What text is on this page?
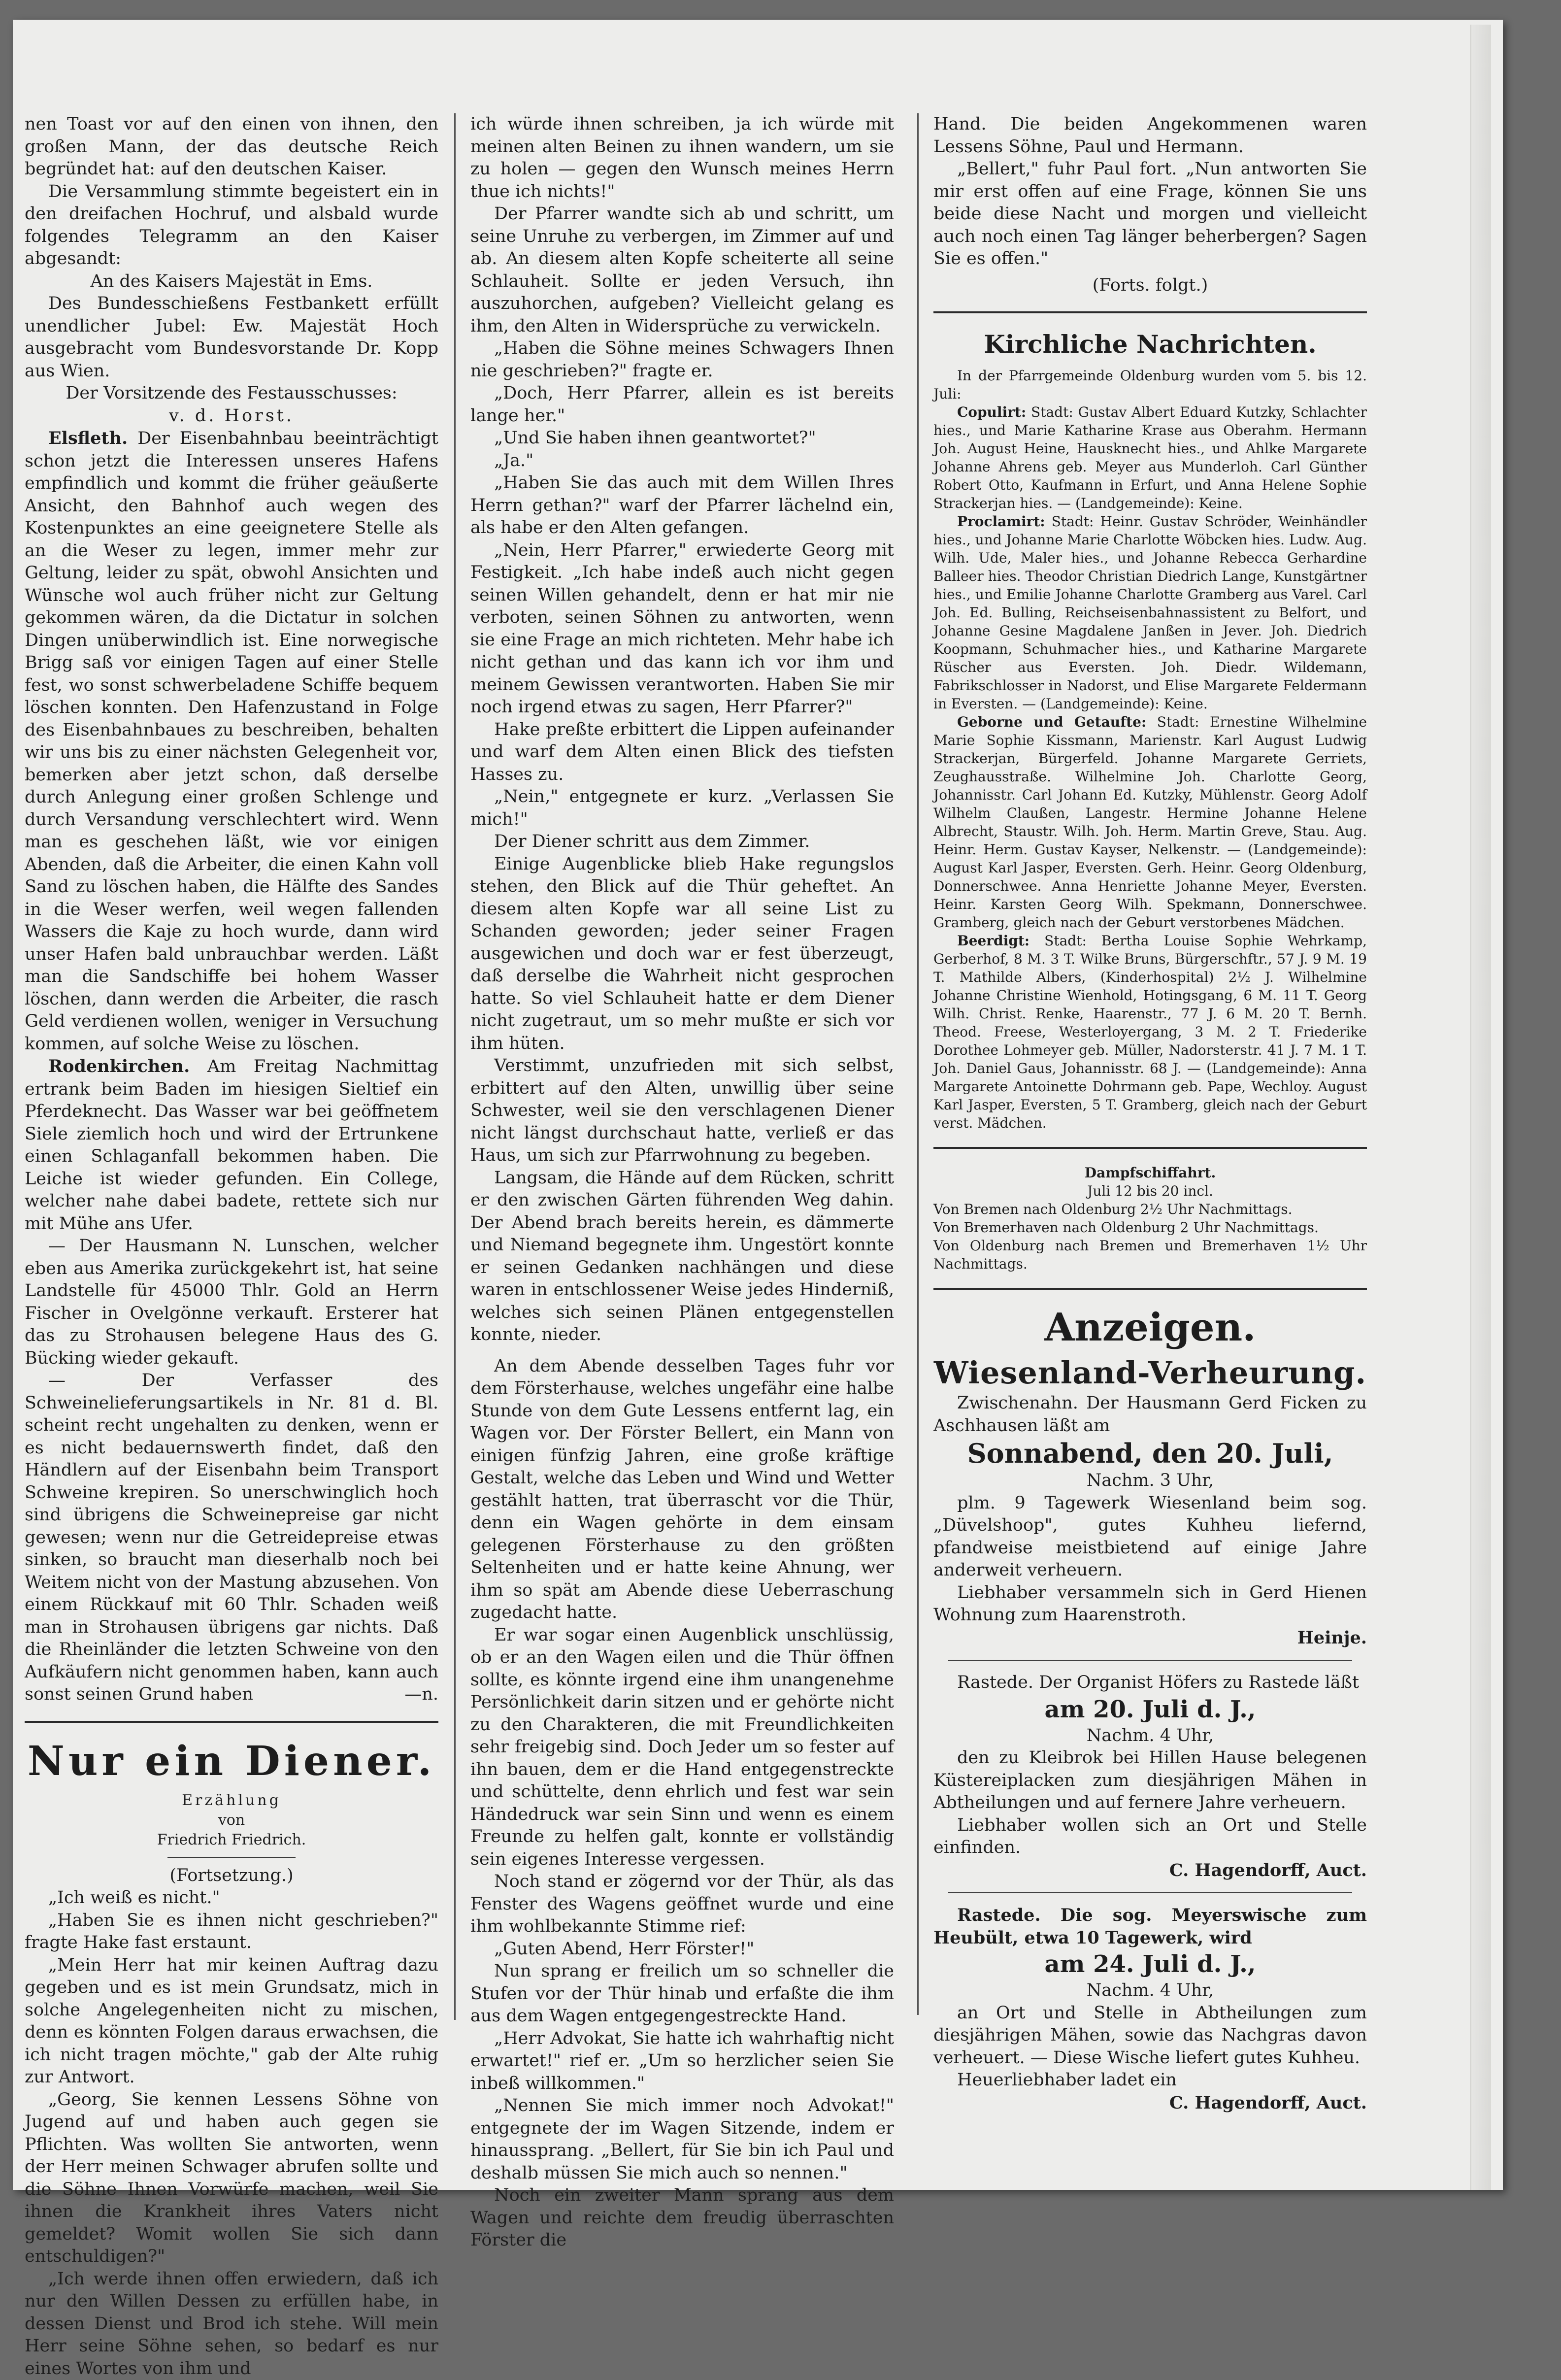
nen Toast vor auf den einen von ihnen, den großen Mann, der das deutsche Reich begründet hat: auf den deutschen Kaiser.

Die Versammlung stimmte begeistert ein in den dreifachen Hochruf, und alsbald wurde folgendes Telegramm an den Kaiser abgesandt:

An des Kaisers Majestät in Ems.

Des Bundesschießens Festbankett erfüllt unendlicher Jubel: Ew. Majestät Hoch ausgebracht vom Bundesvorstande Dr. Kopp aus Wien.

Der Vorsitzende des Festausschusses:

v. d. Horst.

Elsfleth. Der Eisenbahnbau beeinträchtigt schon jetzt die Interessen unseres Hafens empfindlich und kommt die früher geäußerte Ansicht, den Bahnhof auch wegen des Kostenpunktes an eine geeignetere Stelle als an die Weser zu legen, immer mehr zur Geltung, leider zu spät, obwohl Ansichten und Wünsche wol auch früher nicht zur Geltung gekommen wären, da die Dictatur in solchen Dingen unüberwindlich ist. Eine norwegische Brigg saß vor einigen Tagen auf einer Stelle fest, wo sonst schwerbeladene Schiffe bequem löschen konnten. Den Hafenzustand in Folge des Eisenbahnbaues zu beschreiben, behalten wir uns bis zu einer nächsten Gelegenheit vor, bemerken aber jetzt schon, daß derselbe durch Anlegung einer großen Schlenge und durch Versandung verschlechtert wird. Wenn man es geschehen läßt, wie vor einigen Abenden, daß die Arbeiter, die einen Kahn voll Sand zu löschen haben, die Hälfte des Sandes in die Weser werfen, weil wegen fallenden Wassers die Kaje zu hoch wurde, dann wird unser Hafen bald unbrauchbar werden. Läßt man die Sandschiffe bei hohem Wasser löschen, dann werden die Arbeiter, die rasch Geld verdienen wollen, weniger in Versuchung kommen, auf solche Weise zu löschen.

Rodenkirchen. Am Freitag Nachmittag ertrank beim Baden im hiesigen Sieltief ein Pferdeknecht. Das Wasser war bei geöffnetem Siele ziemlich hoch und wird der Ertrunkene einen Schlaganfall bekommen haben. Die Leiche ist wieder gefunden. Ein College, welcher nahe dabei badete, rettete sich nur mit Mühe ans Ufer.

— Der Hausmann N. Lunschen, welcher eben aus Amerika zurückgekehrt ist, hat seine Landstelle für 45000 Thlr. Gold an Herrn Fischer in Ovelgönne verkauft. Ersterer hat das zu Strohausen belegene Haus des G. Bücking wieder gekauft.

— Der Verfasser des Schweinelieferungsartikels in Nr. 81 d. Bl. scheint recht ungehalten zu denken, wenn er es nicht bedauernswerth findet, daß den Händlern auf der Eisenbahn beim Transport Schweine krepiren. So unerschwinglich hoch sind übrigens die Schweinepreise gar nicht gewesen; wenn nur die Getreidepreise etwas sinken, so braucht man dieserhalb noch bei Weitem nicht von der Mastung abzusehen. Von einem Rückkauf mit 60 Thlr. Schaden weiß man in Strohausen übrigens gar nichts. Daß die Rheinländer die letzten Schweine von den Aufkäufern nicht genommen haben, kann auch sonst seinen Grund haben	—n.

Nur ein Diener.

Erzählung

von

Friedrich Friedrich.

(Fortsetzung.)

„Ich weiß es nicht."

„Haben Sie es ihnen nicht geschrieben?" fragte Hake fast erstaunt.

„Mein Herr hat mir keinen Auftrag dazu gegeben und es ist mein Grundsatz, mich in solche Angelegenheiten nicht zu mischen, denn es könnten Folgen daraus erwachsen, die ich nicht tragen möchte," gab der Alte ruhig zur Antwort.

„Georg, Sie kennen Lessens Söhne von Jugend auf und haben auch gegen sie Pflichten. Was wollten Sie antworten, wenn der Herr meinen Schwager abrufen sollte und die Söhne Ihnen Vorwürfe machen, weil Sie ihnen die Krankheit ihres Vaters nicht gemeldet? Womit wollen Sie sich dann entschuldigen?"

„Ich werde ihnen offen erwiedern, daß ich nur den Willen Dessen zu erfüllen habe, in dessen Dienst und Brod ich stehe. Will mein Herr seine Söhne sehen, so bedarf es nur eines Wortes von ihm und

ich würde ihnen schreiben, ja ich würde mit meinen alten Beinen zu ihnen wandern, um sie zu holen — gegen den Wunsch meines Herrn thue ich nichts!"

Der Pfarrer wandte sich ab und schritt, um seine Unruhe zu verbergen, im Zimmer auf und ab. An diesem alten Kopfe scheiterte all seine Schlauheit. Sollte er jeden Versuch, ihn auszuhorchen, aufgeben? Vielleicht gelang es ihm, den Alten in Widersprüche zu verwickeln.

„Haben die Söhne meines Schwagers Ihnen nie geschrieben?" fragte er.

„Doch, Herr Pfarrer, allein es ist bereits lange her."

„Und Sie haben ihnen geantwortet?"

„Ja."

„Haben Sie das auch mit dem Willen Ihres Herrn gethan?" warf der Pfarrer lächelnd ein, als habe er den Alten gefangen.

„Nein, Herr Pfarrer," erwiederte Georg mit Festigkeit. „Ich habe indeß auch nicht gegen seinen Willen gehandelt, denn er hat mir nie verboten, seinen Söhnen zu antworten, wenn sie eine Frage an mich richteten. Mehr habe ich nicht gethan und das kann ich vor ihm und meinem Gewissen verantworten. Haben Sie mir noch irgend etwas zu sagen, Herr Pfarrer?"

Hake preßte erbittert die Lippen aufeinander und warf dem Alten einen Blick des tiefsten Hasses zu.

„Nein," entgegnete er kurz. „Verlassen Sie mich!"

Der Diener schritt aus dem Zimmer.

Einige Augenblicke blieb Hake regungslos stehen, den Blick auf die Thür geheftet. An diesem alten Kopfe war all seine List zu Schanden geworden; jeder seiner Fragen ausgewichen und doch war er fest überzeugt, daß derselbe die Wahrheit nicht gesprochen hatte. So viel Schlauheit hatte er dem Diener nicht zugetraut, um so mehr mußte er sich vor ihm hüten.

Verstimmt, unzufrieden mit sich selbst, erbittert auf den Alten, unwillig über seine Schwester, weil sie den verschlagenen Diener nicht längst durchschaut hatte, verließ er das Haus, um sich zur Pfarrwohnung zu begeben.

Langsam, die Hände auf dem Rücken, schritt er den zwischen Gärten führenden Weg dahin. Der Abend brach bereits herein, es dämmerte und Niemand begegnete ihm. Ungestört konnte er seinen Gedanken nachhängen und diese waren in entschlossener Weise jedes Hinderniß, welches sich seinen Plänen entgegenstellen konnte, nieder.

An dem Abende desselben Tages fuhr vor dem Försterhause, welches ungefähr eine halbe Stunde von dem Gute Lessens entfernt lag, ein Wagen vor. Der Förster Bellert, ein Mann von einigen fünfzig Jahren, eine große kräftige Gestalt, welche das Leben und Wind und Wetter gestählt hatten, trat überrascht vor die Thür, denn ein Wagen gehörte in dem einsam gelegenen Försterhause zu den größten Seltenheiten und er hatte keine Ahnung, wer ihm so spät am Abende diese Ueberraschung zugedacht hatte.

Er war sogar einen Augenblick unschlüssig, ob er an den Wagen eilen und die Thür öffnen sollte, es könnte irgend eine ihm unangenehme Persönlichkeit darin sitzen und er gehörte nicht zu den Charakteren, die mit Freundlichkeiten sehr freigebig sind. Doch Jeder um so fester auf ihn bauen, dem er die Hand entgegenstreckte und schüttelte, denn ehrlich und fest war sein Händedruck war sein Sinn und wenn es einem Freunde zu helfen galt, konnte er vollständig sein eigenes Interesse vergessen.

Noch stand er zögernd vor der Thür, als das Fenster des Wagens geöffnet wurde und eine ihm wohlbekannte Stimme rief:

„Guten Abend, Herr Förster!"

Nun sprang er freilich um so schneller die Stufen vor der Thür hinab und erfaßte die ihm aus dem Wagen entgegengestreckte Hand.

„Herr Advokat, Sie hatte ich wahrhaftig nicht erwartet!" rief er. „Um so herzlicher seien Sie inbeß willkommen."

„Nennen Sie mich immer noch Advokat!" entgegnete der im Wagen Sitzende, indem er hinaussprang. „Bellert, für Sie bin ich Paul und deshalb müssen Sie mich auch so nennen."

Noch ein zweiter Mann sprang aus dem Wagen und reichte dem freudig überraschten Förster die

Hand. Die beiden Angekommenen waren Lessens Söhne, Paul und Hermann.

„Bellert," fuhr Paul fort. „Nun antworten Sie mir erst offen auf eine Frage, können Sie uns beide diese Nacht und morgen und vielleicht auch noch einen Tag länger beherbergen? Sagen Sie es offen."

(Forts. folgt.)

Kirchliche Nachrichten.

In der Pfarrgemeinde Oldenburg wurden vom 5. bis 12. Juli:

Copulirt: Stadt: Gustav Albert Eduard Kutzky, Schlachter hies., und Marie Katharine Krase aus Oberahm. Hermann Joh. August Heine, Hausknecht hies., und Ahlke Margarete Johanne Ahrens geb. Meyer aus Munderloh. Carl Günther Robert Otto, Kaufmann in Erfurt, und Anna Helene Sophie Strackerjan hies. — (Landgemeinde): Keine.

Proclamirt: Stadt: Heinr. Gustav Schröder, Weinhändler hies., und Johanne Marie Charlotte Wöbcken hies. Ludw. Aug. Wilh. Ude, Maler hies., und Johanne Rebecca Gerhardine Balleer hies. Theodor Christian Diedrich Lange, Kunstgärtner hies., und Emilie Johanne Charlotte Gramberg aus Varel. Carl Joh. Ed. Bulling, Reichseisenbahnassistent zu Belfort, und Johanne Gesine Magdalene Janßen in Jever. Joh. Diedrich Koopmann, Schuhmacher hies., und Katharine Margarete Rüscher aus Eversten. Joh. Diedr. Wildemann, Fabrikschlosser in Nadorst, und Elise Margarete Feldermann in Eversten. — (Landgemeinde): Keine.

Geborne und Getaufte: Stadt: Ernestine Wilhelmine Marie Sophie Kissmann, Marienstr. Karl August Ludwig Strackerjan, Bürgerfeld. Johanne Margarete Gerriets, Zeughausstraße. Wilhelmine Joh. Charlotte Georg, Johannisstr. Carl Johann Ed. Kutzky, Mühlenstr. Georg Adolf Wilhelm Claußen, Langestr. Hermine Johanne Helene Albrecht, Staustr. Wilh. Joh. Herm. Martin Greve, Stau. Aug. Heinr. Herm. Gustav Kayser, Nelkenstr. — (Landgemeinde): August Karl Jasper, Eversten. Gerh. Heinr. Georg Oldenburg, Donnerschwee. Anna Henriette Johanne Meyer, Eversten. Heinr. Karsten Georg Wilh. Spekmann, Donnerschwee. Gramberg, gleich nach der Geburt verstorbenes Mädchen.

Beerdigt: Stadt: Bertha Louise Sophie Wehrkamp, Gerberhof, 8 M. 3 T. Wilke Bruns, Bürgerschftr., 57 J. 9 M. 19 T. Mathilde Albers, (Kinderhospital) 2½ J. Wilhelmine Johanne Christine Wienhold, Hotingsgang, 6 M. 11 T. Georg Wilh. Christ. Renke, Haarenstr., 77 J. 6 M. 20 T. Bernh. Theod. Freese, Westerloyergang, 3 M. 2 T. Friederike Dorothee Lohmeyer geb. Müller, Nadorsterstr. 41 J. 7 M. 1 T. Joh. Daniel Gaus, Johannisstr. 68 J. — (Landgemeinde): Anna Margarete Antoinette Dohrmann geb. Pape, Wechloy. August Karl Jasper, Eversten, 5 T. Gramberg, gleich nach der Geburt verst. Mädchen.

Dampfschiffahrt.

Juli 12 bis 20 incl.

Von Bremen nach Oldenburg 2½ Uhr Nachmittags.

Von Bremerhaven nach Oldenburg 2 Uhr Nachmittags.

Von Oldenburg nach Bremen und Bremerhaven 1½ Uhr Nachmittags.

Anzeigen.
Wiesenland-Verheurung.

Zwischenahn. Der Hausmann Gerd Ficken zu Aschhausen läßt am

Sonnabend, den 20. Juli,

Nachm. 3 Uhr,

plm. 9 Tagewerk Wiesenland beim sog. „Düvelshoop", gutes Kuhheu liefernd, pfandweise meistbietend auf einige Jahre anderweit verheuern.

Liebhaber versammeln sich in Gerd Hienen Wohnung zum Haarenstroth.

Heinje.

Rastede. Der Organist Höfers zu Rastede läßt

am 20. Juli d. J.,

Nachm. 4 Uhr,

den zu Kleibrok bei Hillen Hause belegenen Küstereiplacken zum diesjährigen Mähen in Abtheilungen und auf fernere Jahre verheuern.

Liebhaber wollen sich an Ort und Stelle einfinden.

C. Hagendorff, Auct.

Rastede. Die sog. Meyerswische zum Heubült, etwa 10 Tagewerk, wird

am 24. Juli d. J.,

Nachm. 4 Uhr,

an Ort und Stelle in Abtheilungen zum diesjährigen Mähen, sowie das Nachgras davon verheuert. — Diese Wische liefert gutes Kuhheu.

Heuerliebhaber ladet ein

C. Hagendorff, Auct.
